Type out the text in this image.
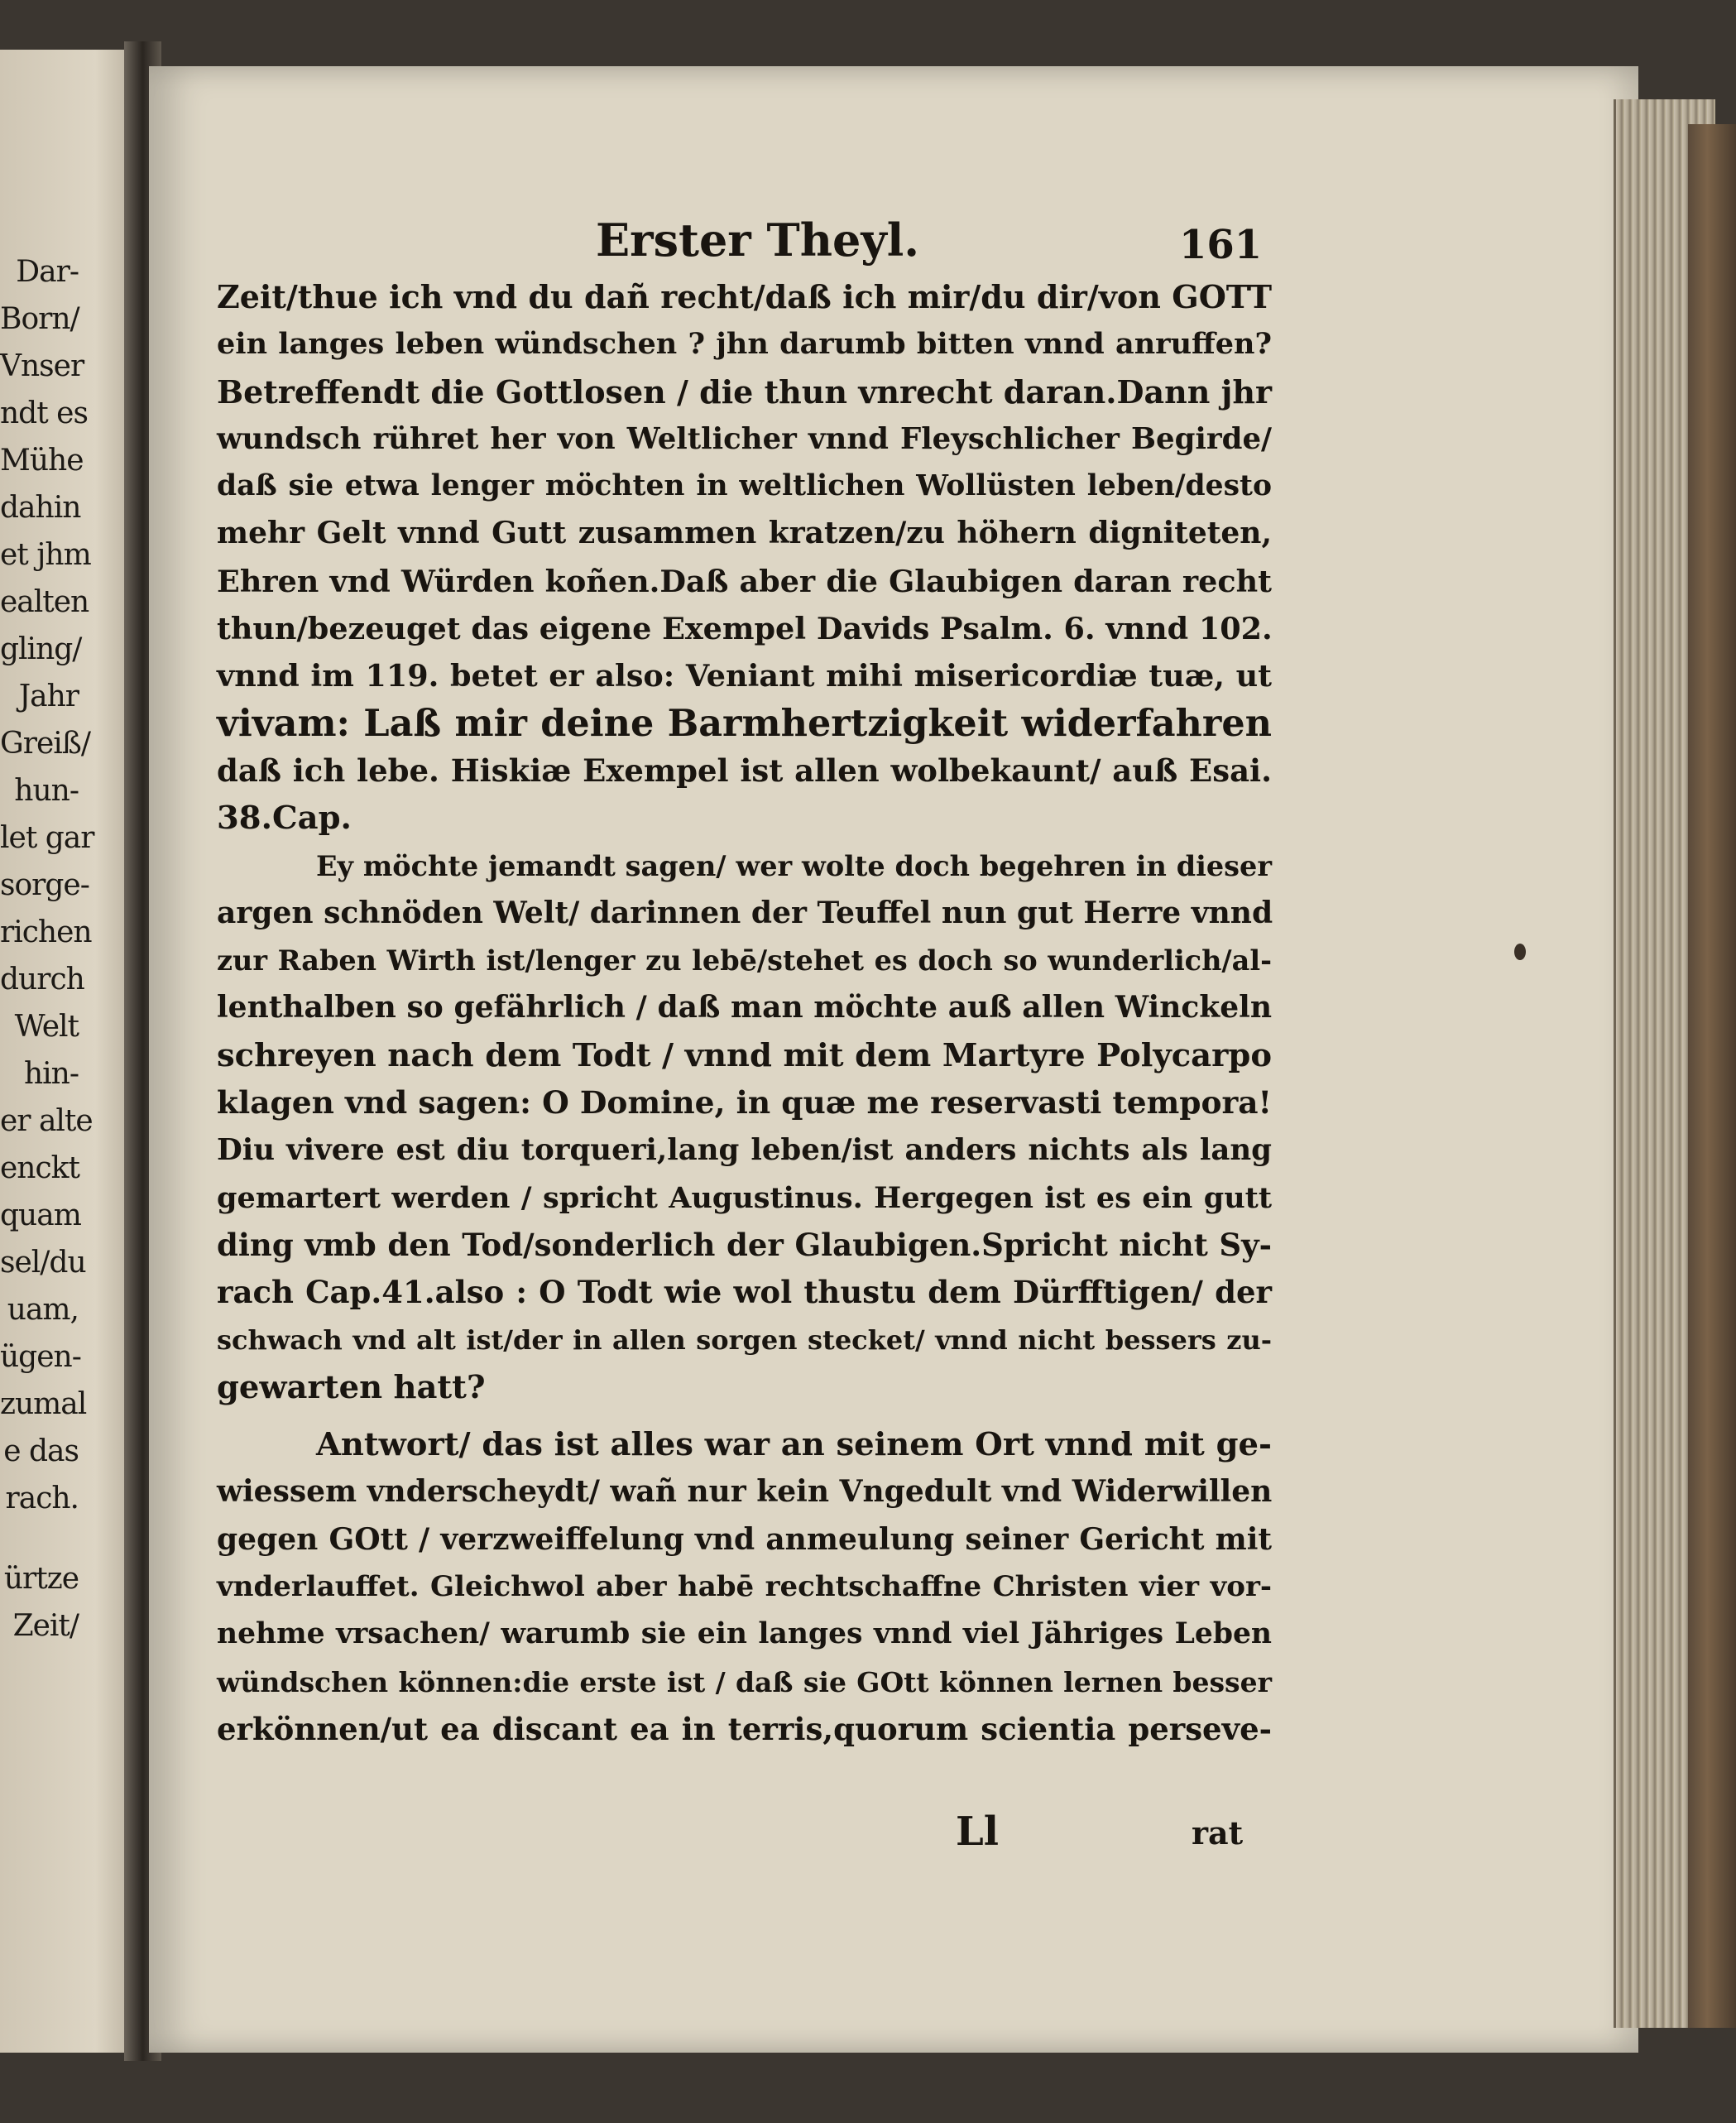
Dar-
Born/
Vnser
ndt es
Mühe
dahin
et jhm
ealten
gling/
Jahr
Greiß/
hun-
let gar
sorge-
richen
durch
Welt
hin-
er alte
enckt
quam
sel/du
uam,
ügen-
zumal
e das
rach.
ürtze
Zeit/
Erster Theyl.	161
Zeit/thue ich vnd du dañ recht/daß ich mir/du dir/von GOTT
ein langes leben wündschen ? jhn darumb bitten vnnd anruffen?
Betreffendt die Gottlosen / die thun vnrecht daran.Dann jhr
wundsch rühret her von Weltlicher vnnd Fleyschlicher Begirde/
daß sie etwa lenger möchten in weltlichen Wollüsten leben/desto
mehr Gelt vnnd Gutt zusammen kratzen/zu höhern digniteten,
Ehren vnd Würden koñen.Daß aber die Glaubigen daran recht
thun/bezeuget das eigene Exempel Davids Psalm. 6. vnnd 102.
vnnd im 119. betet er also: Veniant mihi misericordiæ tuæ, ut
vivam: Laß mir deine Barmhertzigkeit widerfahren
daß ich lebe. Hiskiæ Exempel ist allen wolbekaunt/ auß Esai.
38.Cap.
Ey möchte jemandt sagen/ wer wolte doch begehren in dieser
argen schnöden Welt/ darinnen der Teuffel nun gut Herre vnnd
zur Raben Wirth ist/lenger zu lebē/stehet es doch so wunderlich/al-
lenthalben so gefährlich / daß man möchte auß allen Winckeln
schreyen nach dem Todt / vnnd mit dem Martyre Polycarpo
klagen vnd sagen: O Domine, in quæ me reservasti tempora!
Diu vivere est diu torqueri,lang leben/ist anders nichts als lang
gemartert werden / spricht Augustinus. Hergegen ist es ein gutt
ding vmb den Tod/sonderlich der Glaubigen.Spricht nicht Sy-
rach Cap.41.also : O Todt wie wol thustu dem Dürfftigen/ der
schwach vnd alt ist/der in allen sorgen stecket/ vnnd nicht bessers zu-
gewarten hatt?
Antwort/ das ist alles war an seinem Ort vnnd mit ge-
wiessem vnderscheydt/ wañ nur kein Vngedult vnd Widerwillen
gegen GOtt / verzweiffelung vnd anmeulung seiner Gericht mit
vnderlauffet. Gleichwol aber habē rechtschaffne Christen vier vor-
nehme vrsachen/ warumb sie ein langes vnnd viel Jähriges Leben
wündschen können:die erste ist / daß sie GOtt können lernen besser
erkönnen/ut ea discant ea in terris,quorum scientia perseve-
Ll	rat
